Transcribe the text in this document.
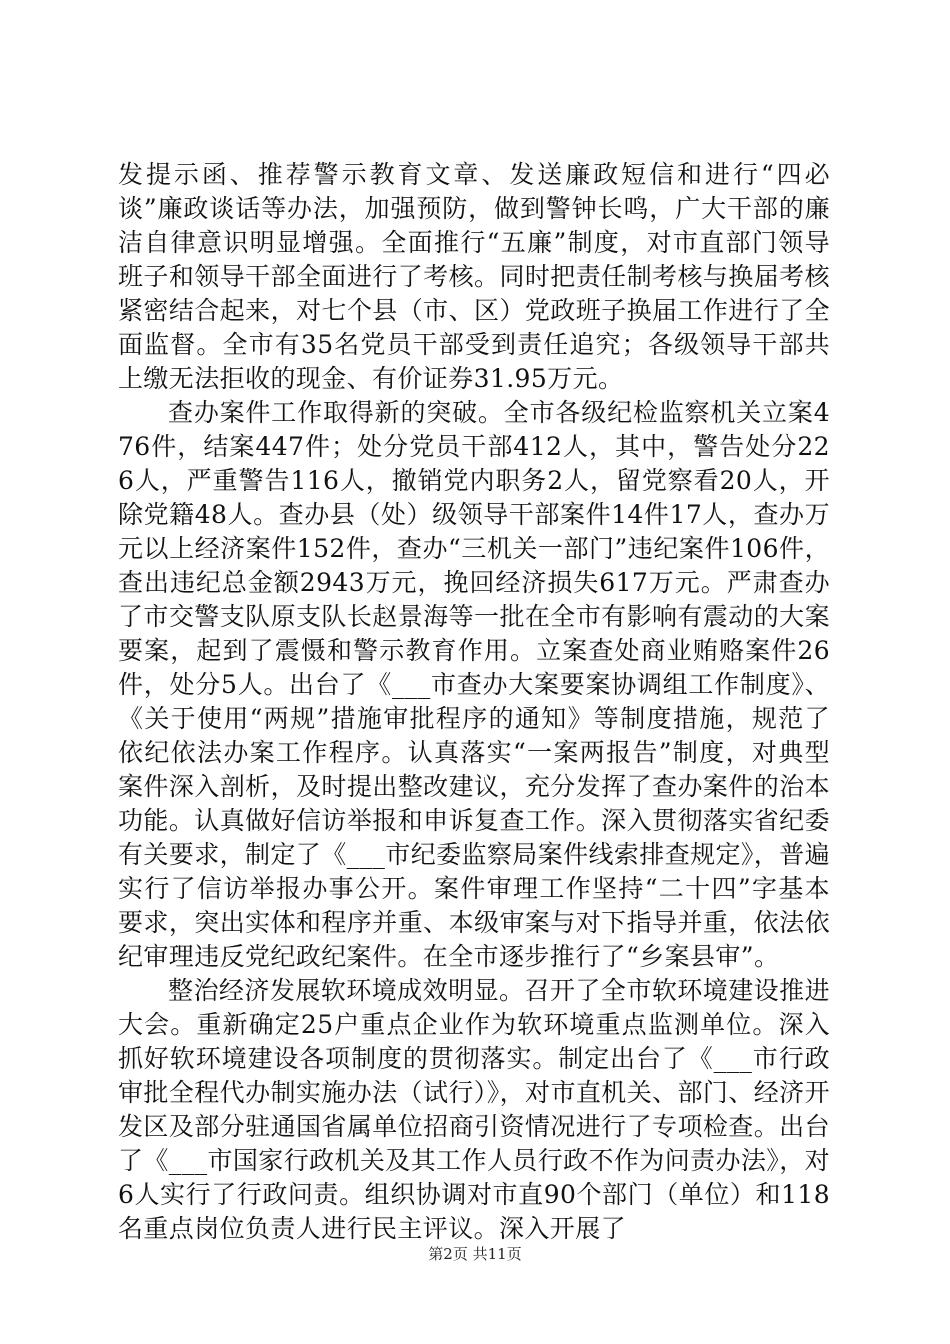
发提示函、推荐警示教育文章、发送廉政短信和进行“四必谈”廉政谈话等办法，加强预防，做到警钟长鸣，广大干部的廉洁自律意识明显增强。全面推行“五廉”制度，对市直部门领导班子和领导干部全面进行了考核。同时把责任制考核与换届考核紧密结合起来，对七个县（市、区）党政班子换届工作进行了全面监督。全市有35名党员干部受到责任追究；各级领导干部共上缴无法拒收的现金、有价证券31.95万元。

查办案件工作取得新的突破。全市各级纪检监察机关立案476件，结案447件；处分党员干部412人，其中，警告处分226人，严重警告116人，撤销党内职务2人，留党察看20人，开除党籍48人。查办县（处）级领导干部案件14件17人，查办万元以上经济案件152件，查办“三机关一部门”违纪案件106件，查出违纪总金额2943万元，挽回经济损失617万元。严肃查办了市交警支队原支队长赵景海等一批在全市有影响有震动的大案要案，起到了震慑和警示教育作用。立案查处商业贿赂案件26件，处分5人。出台了《___市查办大案要案协调组工作制度》、《关于使用“两规”措施审批程序的通知》等制度措施，规范了依纪依法办案工作程序。认真落实“一案两报告”制度，对典型案件深入剖析，及时提出整改建议，充分发挥了查办案件的治本功能。认真做好信访举报和申诉复查工作。深入贯彻落实省纪委有关要求，制定了《___市纪委监察局案件线索排查规定》，普遍实行了信访举报办事公开。案件审理工作坚持“二十四”字基本要求，突出实体和程序并重、本级审案与对下指导并重，依法依纪审理违反党纪政纪案件。在全市逐步推行了“乡案县审”。

整治经济发展软环境成效明显。召开了全市软环境建设推进大会。重新确定25户重点企业作为软环境重点监测单位。深入抓好软环境建设各项制度的贯彻落实。制定出台了《___市行政审批全程代办制实施办法（试行）》，对市直机关、部门、经济开发区及部分驻通国省属单位招商引资情况进行了专项检查。出台了《___市国家行政机关及其工作人员行政不作为问责办法》，对6人实行了行政问责。组织协调对市直90个部门（单位）和118名重点岗位负责人进行民主评议。深入开展了

第2页 共11页
